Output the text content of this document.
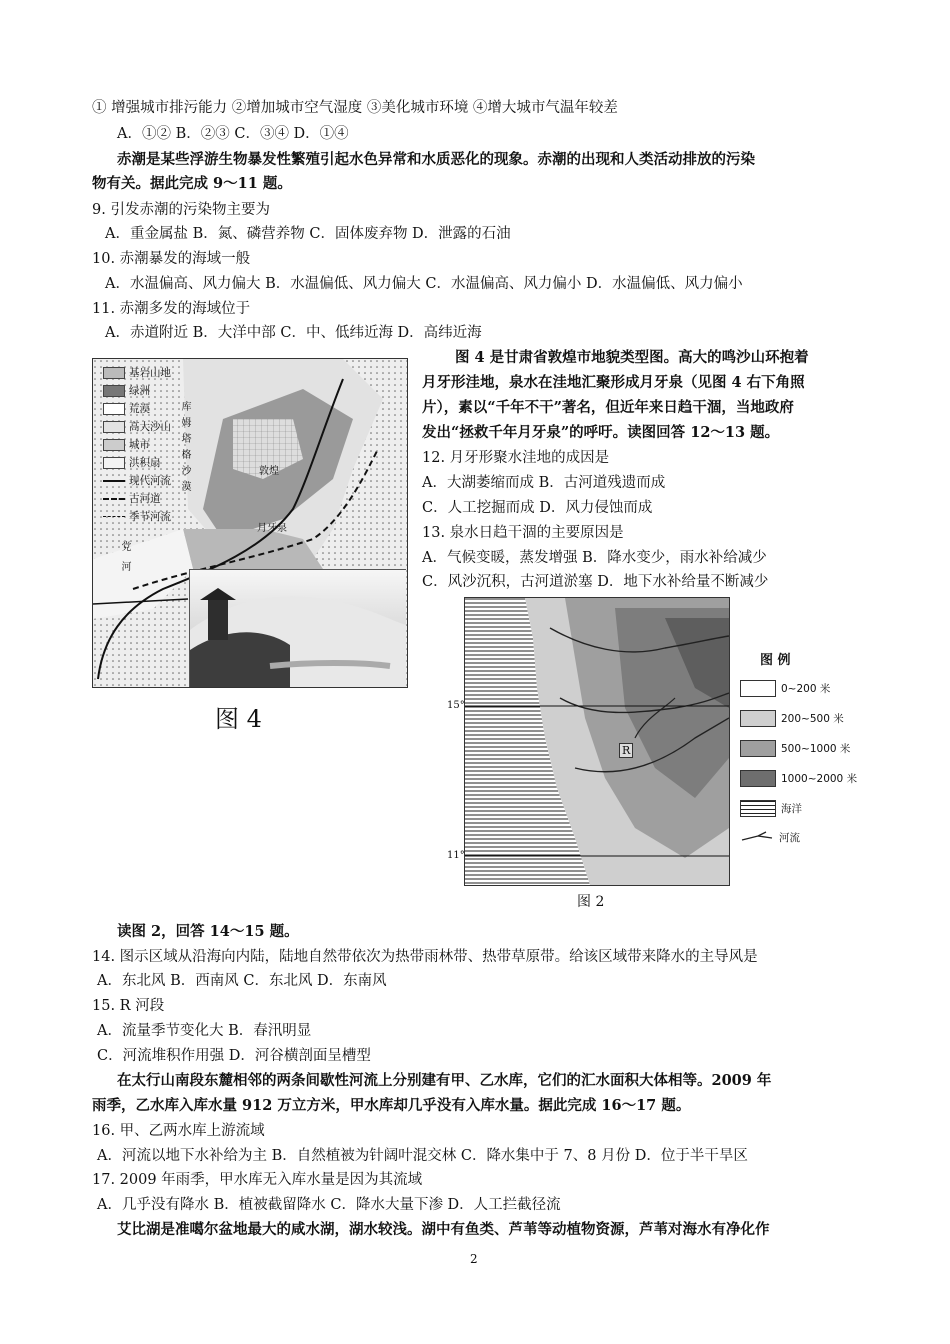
① 增强城市排污能力 ②增加城市空气湿度 ③美化城市环境 ④增大城市气温年较差
A．①② B．②③ C．③④ D．①④
赤潮是某些浮游生物暴发性繁殖引起水色异常和水质恶化的现象。赤潮的出现和人类活动排放的污染
物有关。据此完成 9～11 题。
9. 引发赤潮的污染物主要为
A．重金属盐 B．氮、磷营养物 C．固体废弃物 D．泄露的石油
10. 赤潮暴发的海域一般
A．水温偏高、风力偏大 B．水温偏低、风力偏大 C．水温偏高、风力偏小 D．水温偏低、风力偏小
11. 赤潮多发的海域位于
A．赤道附近 B．大洋中部 C．中、低纬近海 D．高纬近海
基岩山地
绿洲
荒漠
高大沙山
城市
洪积扇
现代河流
古河道
季节河流
库姆塔格沙漠	敦煌
月牙泉
党河
图 4
图 4 是甘肃省敦煌市地貌类型图。高大的鸣沙山环抱着
月牙形洼地，泉水在洼地汇聚形成月牙泉（见图 4 右下角照
片），素以“千年不干”著名，但近年来日趋干涸，当地政府
发出“拯救千年月牙泉”的呼吁。读图回答 12～13 题。
12. 月牙形聚水洼地的成因是
A．大湖萎缩而成 B．古河道残遗而成
C．人工挖掘而成 D．风力侵蚀而成
13. 泉水日趋干涸的主要原因是
A．气候变暖，蒸发增强 B．降水变少，雨水补给减少
C．风沙沉积，古河道淤塞 D．地下水补给量不断减少
R
15°
11°
图 2
图 例
0~200 米
200~500 米
500~1000 米
1000~2000 米
海洋
河流
读图 2，回答 14～15 题。
14. 图示区域从沿海向内陆，陆地自然带依次为热带雨林带、热带草原带。给该区域带来降水的主导风是
A．东北风 B．西南风 C．东北风 D．东南风
15. R 河段
A．流量季节变化大 B．春汛明显
C．河流堆积作用强 D．河谷横剖面呈槽型
在太行山南段东麓相邻的两条间歇性河流上分别建有甲、乙水库，它们的汇水面积大体相等。2009 年
雨季，乙水库入库水量 912 万立方米，甲水库却几乎没有入库水量。据此完成 16～17 题。
16. 甲、乙两水库上游流域
A．河流以地下水补给为主 B．自然植被为针阔叶混交林 C．降水集中于 7、8 月份 D．位于半干旱区
17. 2009 年雨季，甲水库无入库水量是因为其流域
A．几乎没有降水 B．植被截留降水 C．降水大量下渗 D．人工拦截径流
艾比湖是准噶尔盆地最大的咸水湖，湖水较浅。湖中有鱼类、芦苇等动植物资源，芦苇对海水有净化作
2
